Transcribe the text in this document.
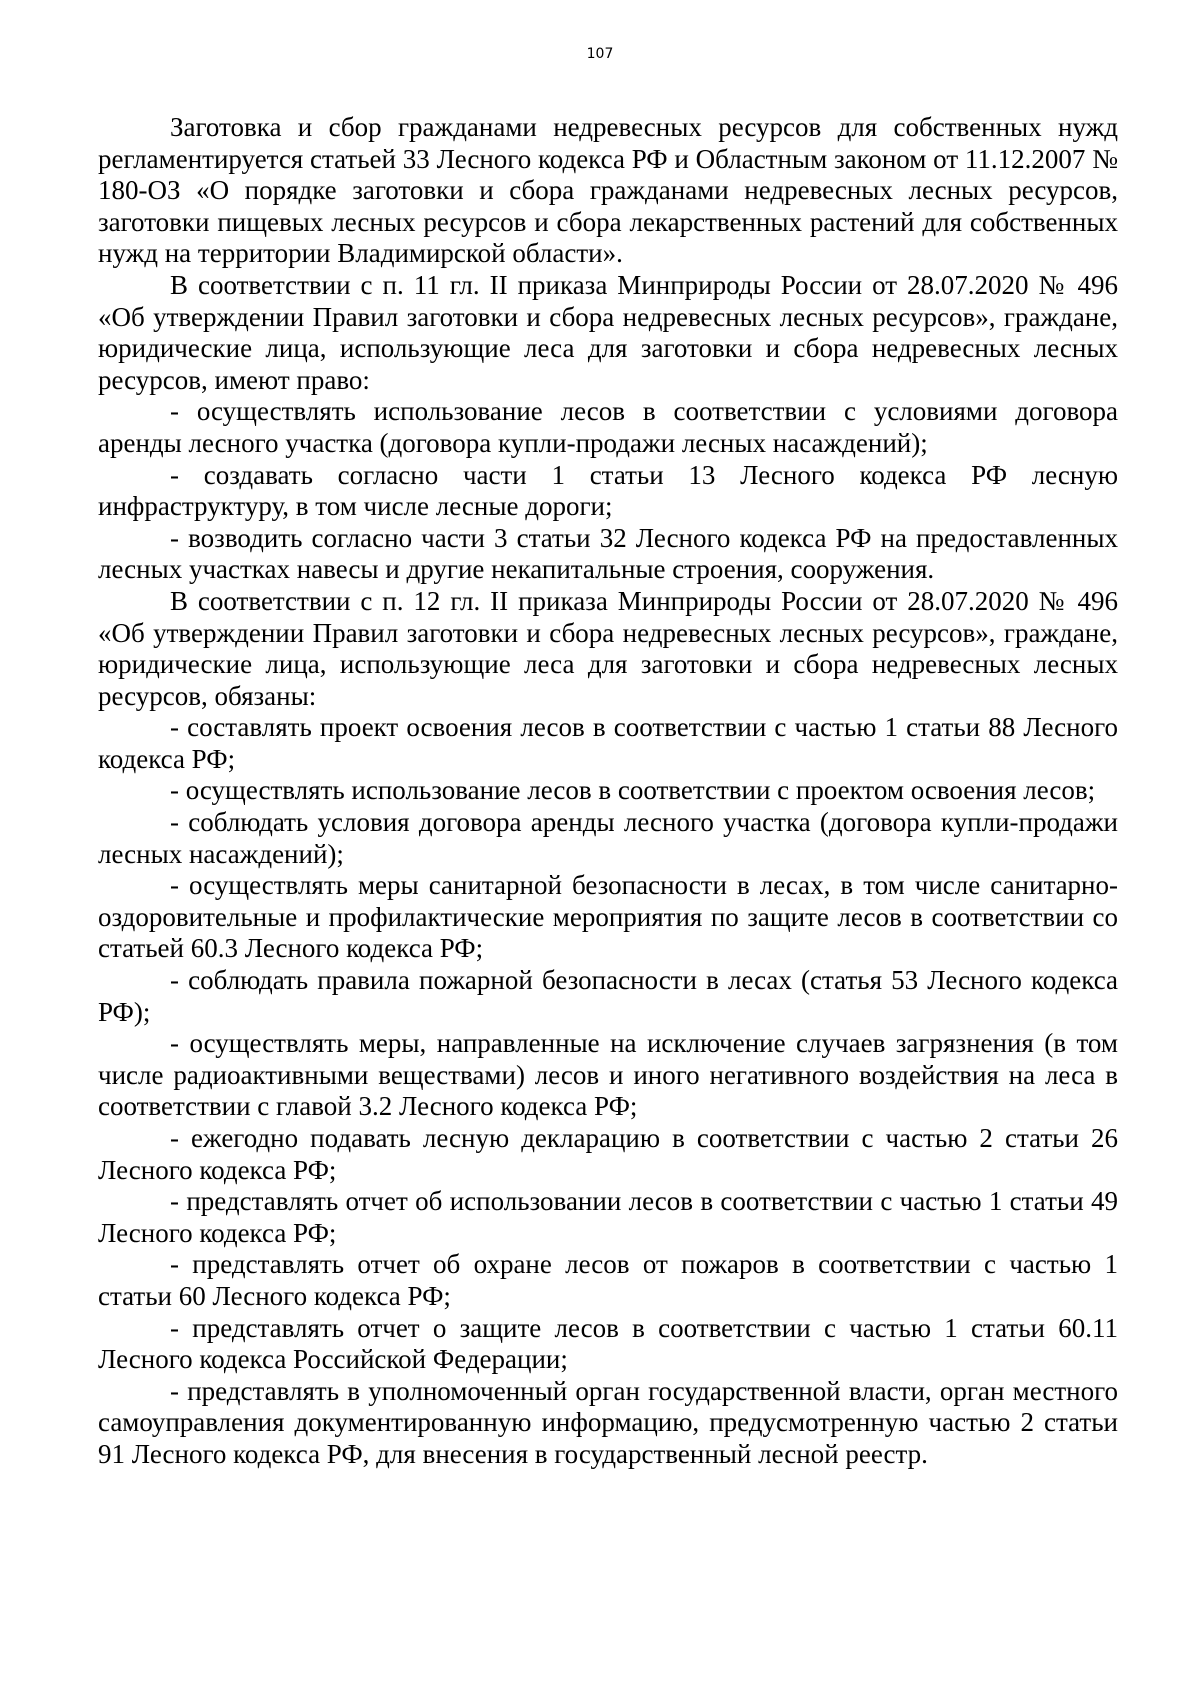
107

Заготовка и сбор гражданами недревесных ресурсов для собственных нужд регламентируется статьей 33 Лесного кодекса РФ и Областным законом от 11.12.2007 № 180-ОЗ «О порядке заготовки и сбора гражданами недревесных лесных ресурсов, заготовки пищевых лесных ресурсов и сбора лекарственных растений для собственных нужд на территории Владимирской области».

В соответствии с п. 11 гл. II приказа Минприроды России от 28.07.2020 № 496 «Об утверждении Правил заготовки и сбора недревесных лесных ресурсов», граждане, юридические лица, использующие леса для заготовки и сбора недревесных лесных ресурсов, имеют право:

- осуществлять использование лесов в соответствии с условиями договора аренды лесного участка (договора купли-продажи лесных насаждений);

- создавать согласно части 1 статьи 13 Лесного кодекса РФ лесную инфраструктуру, в том числе лесные дороги;

- возводить согласно части 3 статьи 32 Лесного кодекса РФ на предоставленных лесных участках навесы и другие некапитальные строения, сооружения.

В соответствии с п. 12 гл. II приказа Минприроды России от 28.07.2020 № 496 «Об утверждении Правил заготовки и сбора недревесных лесных ресурсов», граждане, юридические лица, использующие леса для заготовки и сбора недревесных лесных ресурсов, обязаны:

- составлять проект освоения лесов в соответствии с частью 1 статьи 88 Лесного кодекса РФ;

- осуществлять использование лесов в соответствии с проектом освоения лесов;

- соблюдать условия договора аренды лесного участка (договора купли-продажи лесных насаждений);

- осуществлять меры санитарной безопасности в лесах, в том числе санитарно-оздоровительные и профилактические мероприятия по защите лесов в соответствии со статьей 60.3 Лесного кодекса РФ;

- соблюдать правила пожарной безопасности в лесах (статья 53 Лесного кодекса РФ);

- осуществлять меры, направленные на исключение случаев загрязнения (в том числе радиоактивными веществами) лесов и иного негативного воздействия на леса в соответствии с главой 3.2 Лесного кодекса РФ;

- ежегодно подавать лесную декларацию в соответствии с частью 2 статьи 26 Лесного кодекса РФ;

- представлять отчет об использовании лесов в соответствии с частью 1 статьи 49 Лесного кодекса РФ;

- представлять отчет об охране лесов от пожаров в соответствии с частью 1 статьи 60 Лесного кодекса РФ;

- представлять отчет о защите лесов в соответствии с частью 1 статьи 60.11 Лесного кодекса Российской Федерации;

- представлять в уполномоченный орган государственной власти, орган местного самоуправления документированную информацию, предусмотренную частью 2 статьи 91 Лесного кодекса РФ, для внесения в государственный лесной реестр.
